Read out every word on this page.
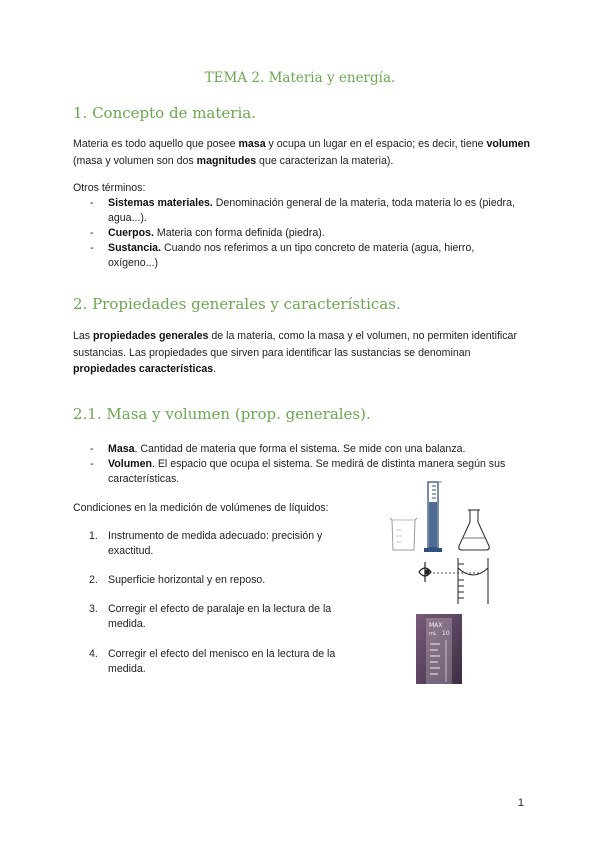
TEMA 2. Materia y energía.
1. Concepto de materia.
Materia es todo aquello que posee masa y ocupa un lugar en el espacio; es decir, tiene volumen (masa y volumen son dos magnitudes que caracterizan la materia).
Otros términos:
- Sistemas materiales. Denominación general de la materia, toda materia lo es (piedra, agua...).
- Cuerpos. Materia con forma definida (piedra).
- Sustancia. Cuando nos referimos a un tipo concreto de materia (agua, hierro, oxígeno...)
2. Propiedades generales y características.
Las propiedades generales de la materia, como la masa y el volumen, no permiten identificar sustancias. Las propiedades que sirven para identificar las sustancias se denominan propiedades características.
2.1. Masa y volumen (prop. generales).
- Masa. Cantidad de materia que forma el sistema. Se mide con una balanza.
- Volumen. El espacio que ocupa el sistema. Se medirá de distinta manera según sus características.
Condiciones en la medición de volúmenes de líquidos:
1. Instrumento de medida adecuado: precisión y exactitud.
2. Superficie horizontal y en reposo.
3. Corregir el efecto de paralaje en la lectura de la medida.
4. Corregir el efecto del menisco en la lectura de la medida.
MAX
mL 10
1
